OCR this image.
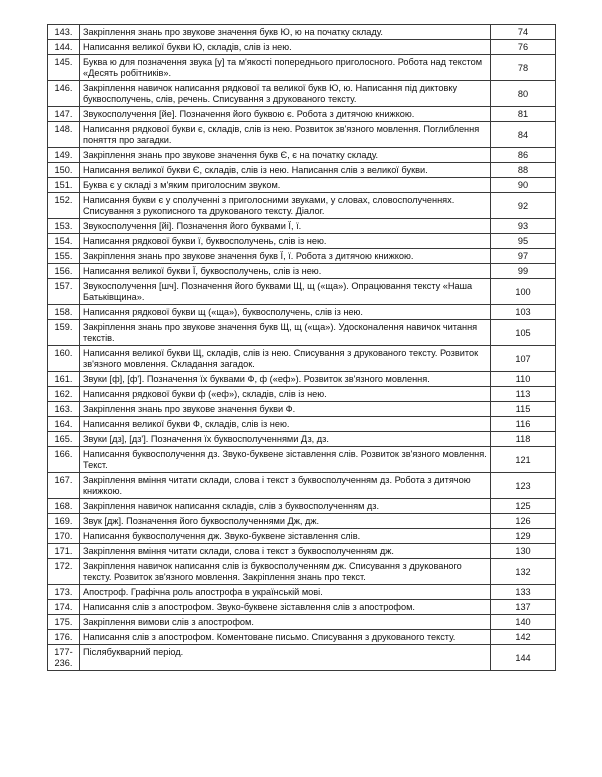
143.	Закріплення знань про звукове значення букв Ю, ю на початку складу.	74
144.	Написання великої букви Ю, складів, слів із нею.	76
145.	Буква ю для позначення звука [у] та м'якості попереднього приголосного. Робота над текстом «Десять робітників».	78
146.	Закріплення навичок написання рядкової та великої букв Ю, ю. Написання під диктовку буквосполучень, слів, речень. Списування з друкованого тексту.	80
147.	Звукосполучення [йе]. Позначення його буквою є. Робота з дитячою книжкою.	81
148.	Написання рядкової букви є, складів, слів із нею. Розвиток зв'язного мовлення. Поглиблення поняття про загадки.	84
149.	Закріплення знань про звукове значення букв Є, є на початку складу.	86
150.	Написання великої букви Є, складів, слів із нею. Написання слів з великої букви.	88
151.	Буква є у складі з м'яким приголосним звуком.	90
152.	Написання букви є у сполученні з приголосними звуками, у словах, словосполученнях. Списування з рукописного та друкованого тексту. Діалог.	92
153.	Звукосполучення [йі]. Позначення його буквами Ї, ї.	93
154.	Написання рядкової букви ї, буквосполучень, слів із нею.	95
155.	Закріплення знань про звукове значення букв Ї, ї. Робота з дитячою книжкою.	97
156.	Написання великої букви Ї, буквосполучень, слів із нею.	99
157.	Звукосполучення [шч]. Позначення його буквами Щ, щ («ща»). Опрацювання тексту «Наша Батьківщина».	100
158.	Написання рядкової букви щ («ща»), буквосполучень, слів із нею.	103
159.	Закріплення знань про звукове значення букв Щ, щ («ща»). Удосконалення навичок читання текстів.	105
160.	Написання великої букви Щ, складів, слів із нею. Списування з друкованого тексту. Розвиток зв'язного мовлення. Складання загадок.	107
161.	Звуки [ф], [ф']. Позначення їх буквами Ф, ф («еф»). Розвиток зв'язного мовлення.	110
162.	Написання рядкової букви ф («еф»), складів, слів із нею.	113
163.	Закріплення знань про звукове значення букви Ф.	115
164.	Написання великої букви Ф, складів, слів із нею.	116
165.	Звуки [дз], [дз']. Позначення їх буквосполученнями Дз, дз.	118
166.	Написання буквосполучення дз. Звуко-буквене зіставлення слів. Розвиток зв'язного мовлення. Текст.	121
167.	Закріплення вміння читати склади, слова і текст з буквосполученням дз. Робота з дитячою книжкою.	123
168.	Закріплення навичок написання складів, слів з буквосполученням дз.	125
169.	Звук [дж]. Позначення його буквосполученнями Дж, дж.	126
170.	Написання буквосполучення дж. Звуко-буквене зіставлення слів.	129
171.	Закріплення вміння читати склади, слова і текст з буквосполученням дж.	130
172.	Закріплення навичок написання слів із буквосполученням дж. Списування з друкованого тексту. Розвиток зв'язного мовлення. Закріплення знань про текст.	132
173.	Апостроф. Графічна роль апострофа в українській мові.	133
174.	Написання слів з апострофом. Звуко-буквене зіставлення слів з апострофом.	137
175.	Закріплення вимови слів з апострофом.	140
176.	Написання слів з апострофом. Коментоване письмо. Списування з друкованого тексту.	142
177-236.	Післябукварний період.	144
